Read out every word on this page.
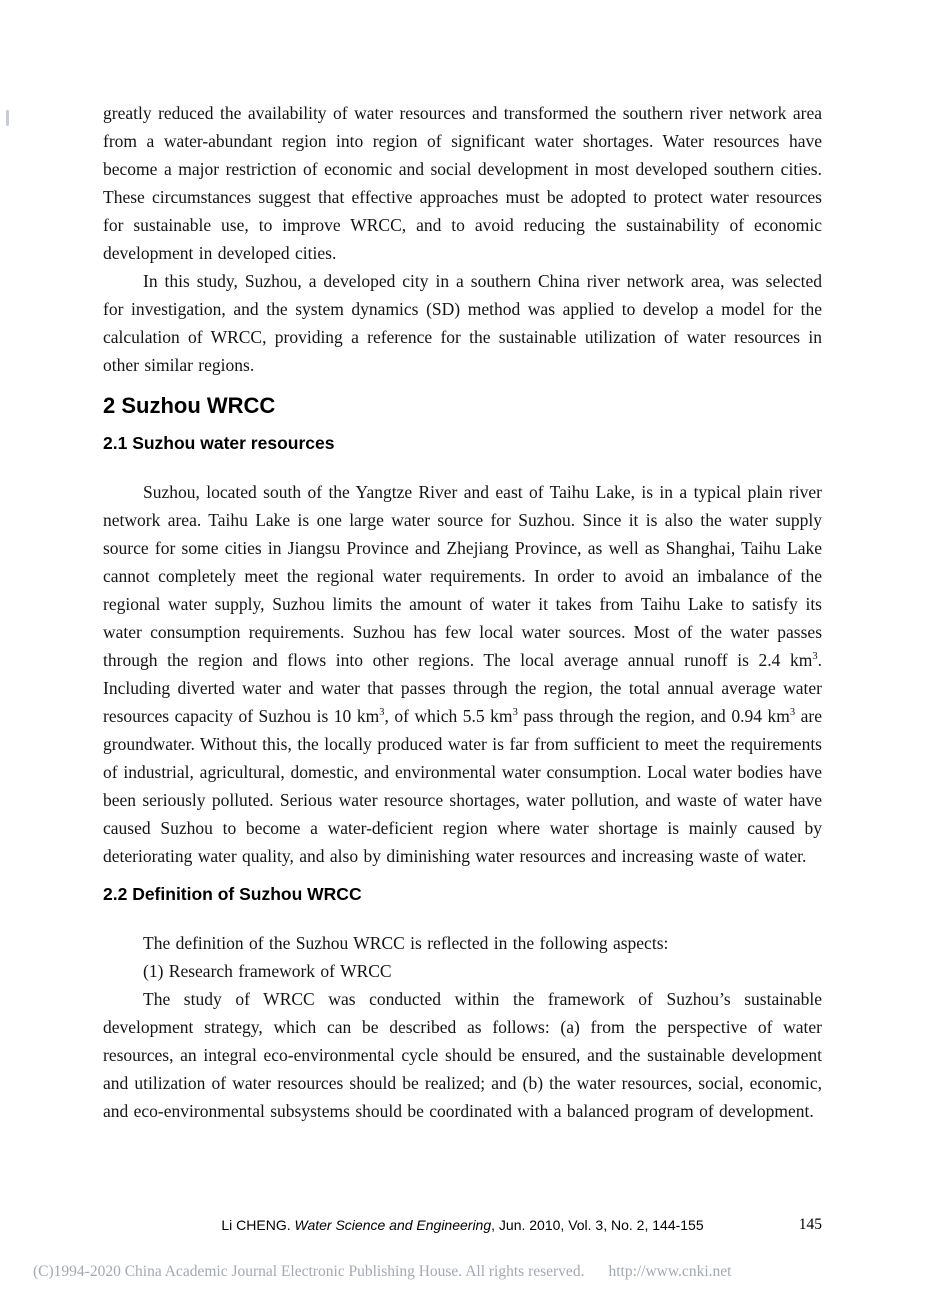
greatly reduced the availability of water resources and transformed the southern river network area from a water-abundant region into region of significant water shortages. Water resources have become a major restriction of economic and social development in most developed southern cities. These circumstances suggest that effective approaches must be adopted to protect water resources for sustainable use, to improve WRCC, and to avoid reducing the sustainability of economic development in developed cities.

In this study, Suzhou, a developed city in a southern China river network area, was selected for investigation, and the system dynamics (SD) method was applied to develop a model for the calculation of WRCC, providing a reference for the sustainable utilization of water resources in other similar regions.

2 Suzhou WRCC
2.1 Suzhou water resources

Suzhou, located south of the Yangtze River and east of Taihu Lake, is in a typical plain river network area. Taihu Lake is one large water source for Suzhou. Since it is also the water supply source for some cities in Jiangsu Province and Zhejiang Province, as well as Shanghai, Taihu Lake cannot completely meet the regional water requirements. In order to avoid an imbalance of the regional water supply, Suzhou limits the amount of water it takes from Taihu Lake to satisfy its water consumption requirements. Suzhou has few local water sources. Most of the water passes through the region and flows into other regions. The local average annual runoff is 2.4 $km^3$. Including diverted water and water that passes through the region, the total annual average water resources capacity of Suzhou is 10 $km^3$, of which 5.5 $km^3$ pass through the region, and 0.94 $km^3$ are groundwater. Without this, the locally produced water is far from sufficient to meet the requirements of industrial, agricultural, domestic, and environmental water consumption. Local water bodies have been seriously polluted. Serious water resource shortages, water pollution, and waste of water have caused Suzhou to become a water-deficient region where water shortage is mainly caused by deteriorating water quality, and also by diminishing water resources and increasing waste of water.

2.2 Definition of Suzhou WRCC

The definition of the Suzhou WRCC is reflected in the following aspects:

(1) Research framework of WRCC

The study of WRCC was conducted within the framework of Suzhou’s sustainable development strategy, which can be described as follows: (a) from the perspective of water resources, an integral eco-environmental cycle should be ensured, and the sustainable development and utilization of water resources should be realized; and (b) the water resources, social, economic, and eco-environmental subsystems should be coordinated with a balanced program of development.

Li CHENG. Water Science and Engineering, Jun. 2010, Vol. 3, No. 2, 144-155	145
(C)1994-2020 China Academic Journal Electronic Publishing House. All rights reserved. http://www.cnki.net
